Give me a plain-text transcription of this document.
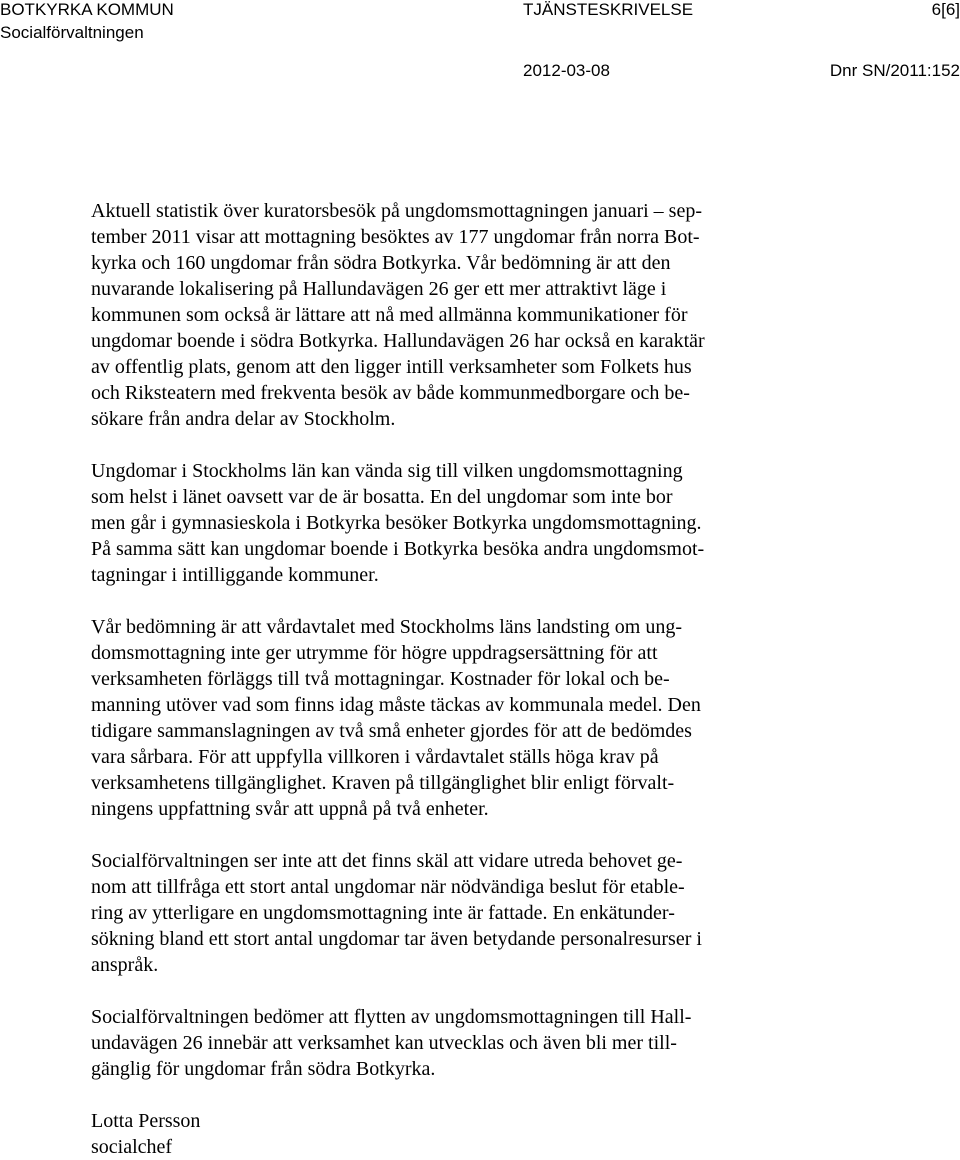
BOTKYRKA KOMMUN
Socialförvaltningen
TJÄNSTESKRIVELSE	6[6]
2012-03-08	Dnr SN/2011:152

Aktuell statistik över kuratorsbesök på ungdomsmottagningen januari – sep-
tember 2011 visar att mottagning besöktes av 177 ungdomar från norra Bot-
kyrka och 160 ungdomar från södra Botkyrka. Vår bedömning är att den
nuvarande lokalisering på Hallundavägen 26 ger ett mer attraktivt läge i
kommunen som också är lättare att nå med allmänna kommunikationer för
ungdomar boende i södra Botkyrka. Hallundavägen 26 har också en karaktär
av offentlig plats, genom att den ligger intill verksamheter som Folkets hus
och Riksteatern med frekventa besök av både kommunmedborgare och be-
sökare från andra delar av Stockholm.

Ungdomar i Stockholms län kan vända sig till vilken ungdomsmottagning
som helst i länet oavsett var de är bosatta. En del ungdomar som inte bor
men går i gymnasieskola i Botkyrka besöker Botkyrka ungdomsmottagning.
På samma sätt kan ungdomar boende i Botkyrka besöka andra ungdomsmot-
tagningar i intilliggande kommuner.

Vår bedömning är att vårdavtalet med Stockholms läns landsting om ung-
domsmottagning inte ger utrymme för högre uppdragsersättning för att
verksamheten förläggs till två mottagningar. Kostnader för lokal och be-
manning utöver vad som finns idag måste täckas av kommunala medel. Den
tidigare sammanslagningen av två små enheter gjordes för att de bedömdes
vara sårbara. För att uppfylla villkoren i vårdavtalet ställs höga krav på
verksamhetens tillgänglighet. Kraven på tillgänglighet blir enligt förvalt-
ningens uppfattning svår att uppnå på två enheter.

Socialförvaltningen ser inte att det finns skäl att vidare utreda behovet ge-
nom att tillfråga ett stort antal ungdomar när nödvändiga beslut för etable-
ring av ytterligare en ungdomsmottagning inte är fattade. En enkätunder-
sökning bland ett stort antal ungdomar tar även betydande personalresurser i
anspråk.

Socialförvaltningen bedömer att flytten av ungdomsmottagningen till Hall-
undavägen 26 innebär att verksamhet kan utvecklas och även bli mer till-
gänglig för ungdomar från södra Botkyrka.

Lotta Persson
socialchef
